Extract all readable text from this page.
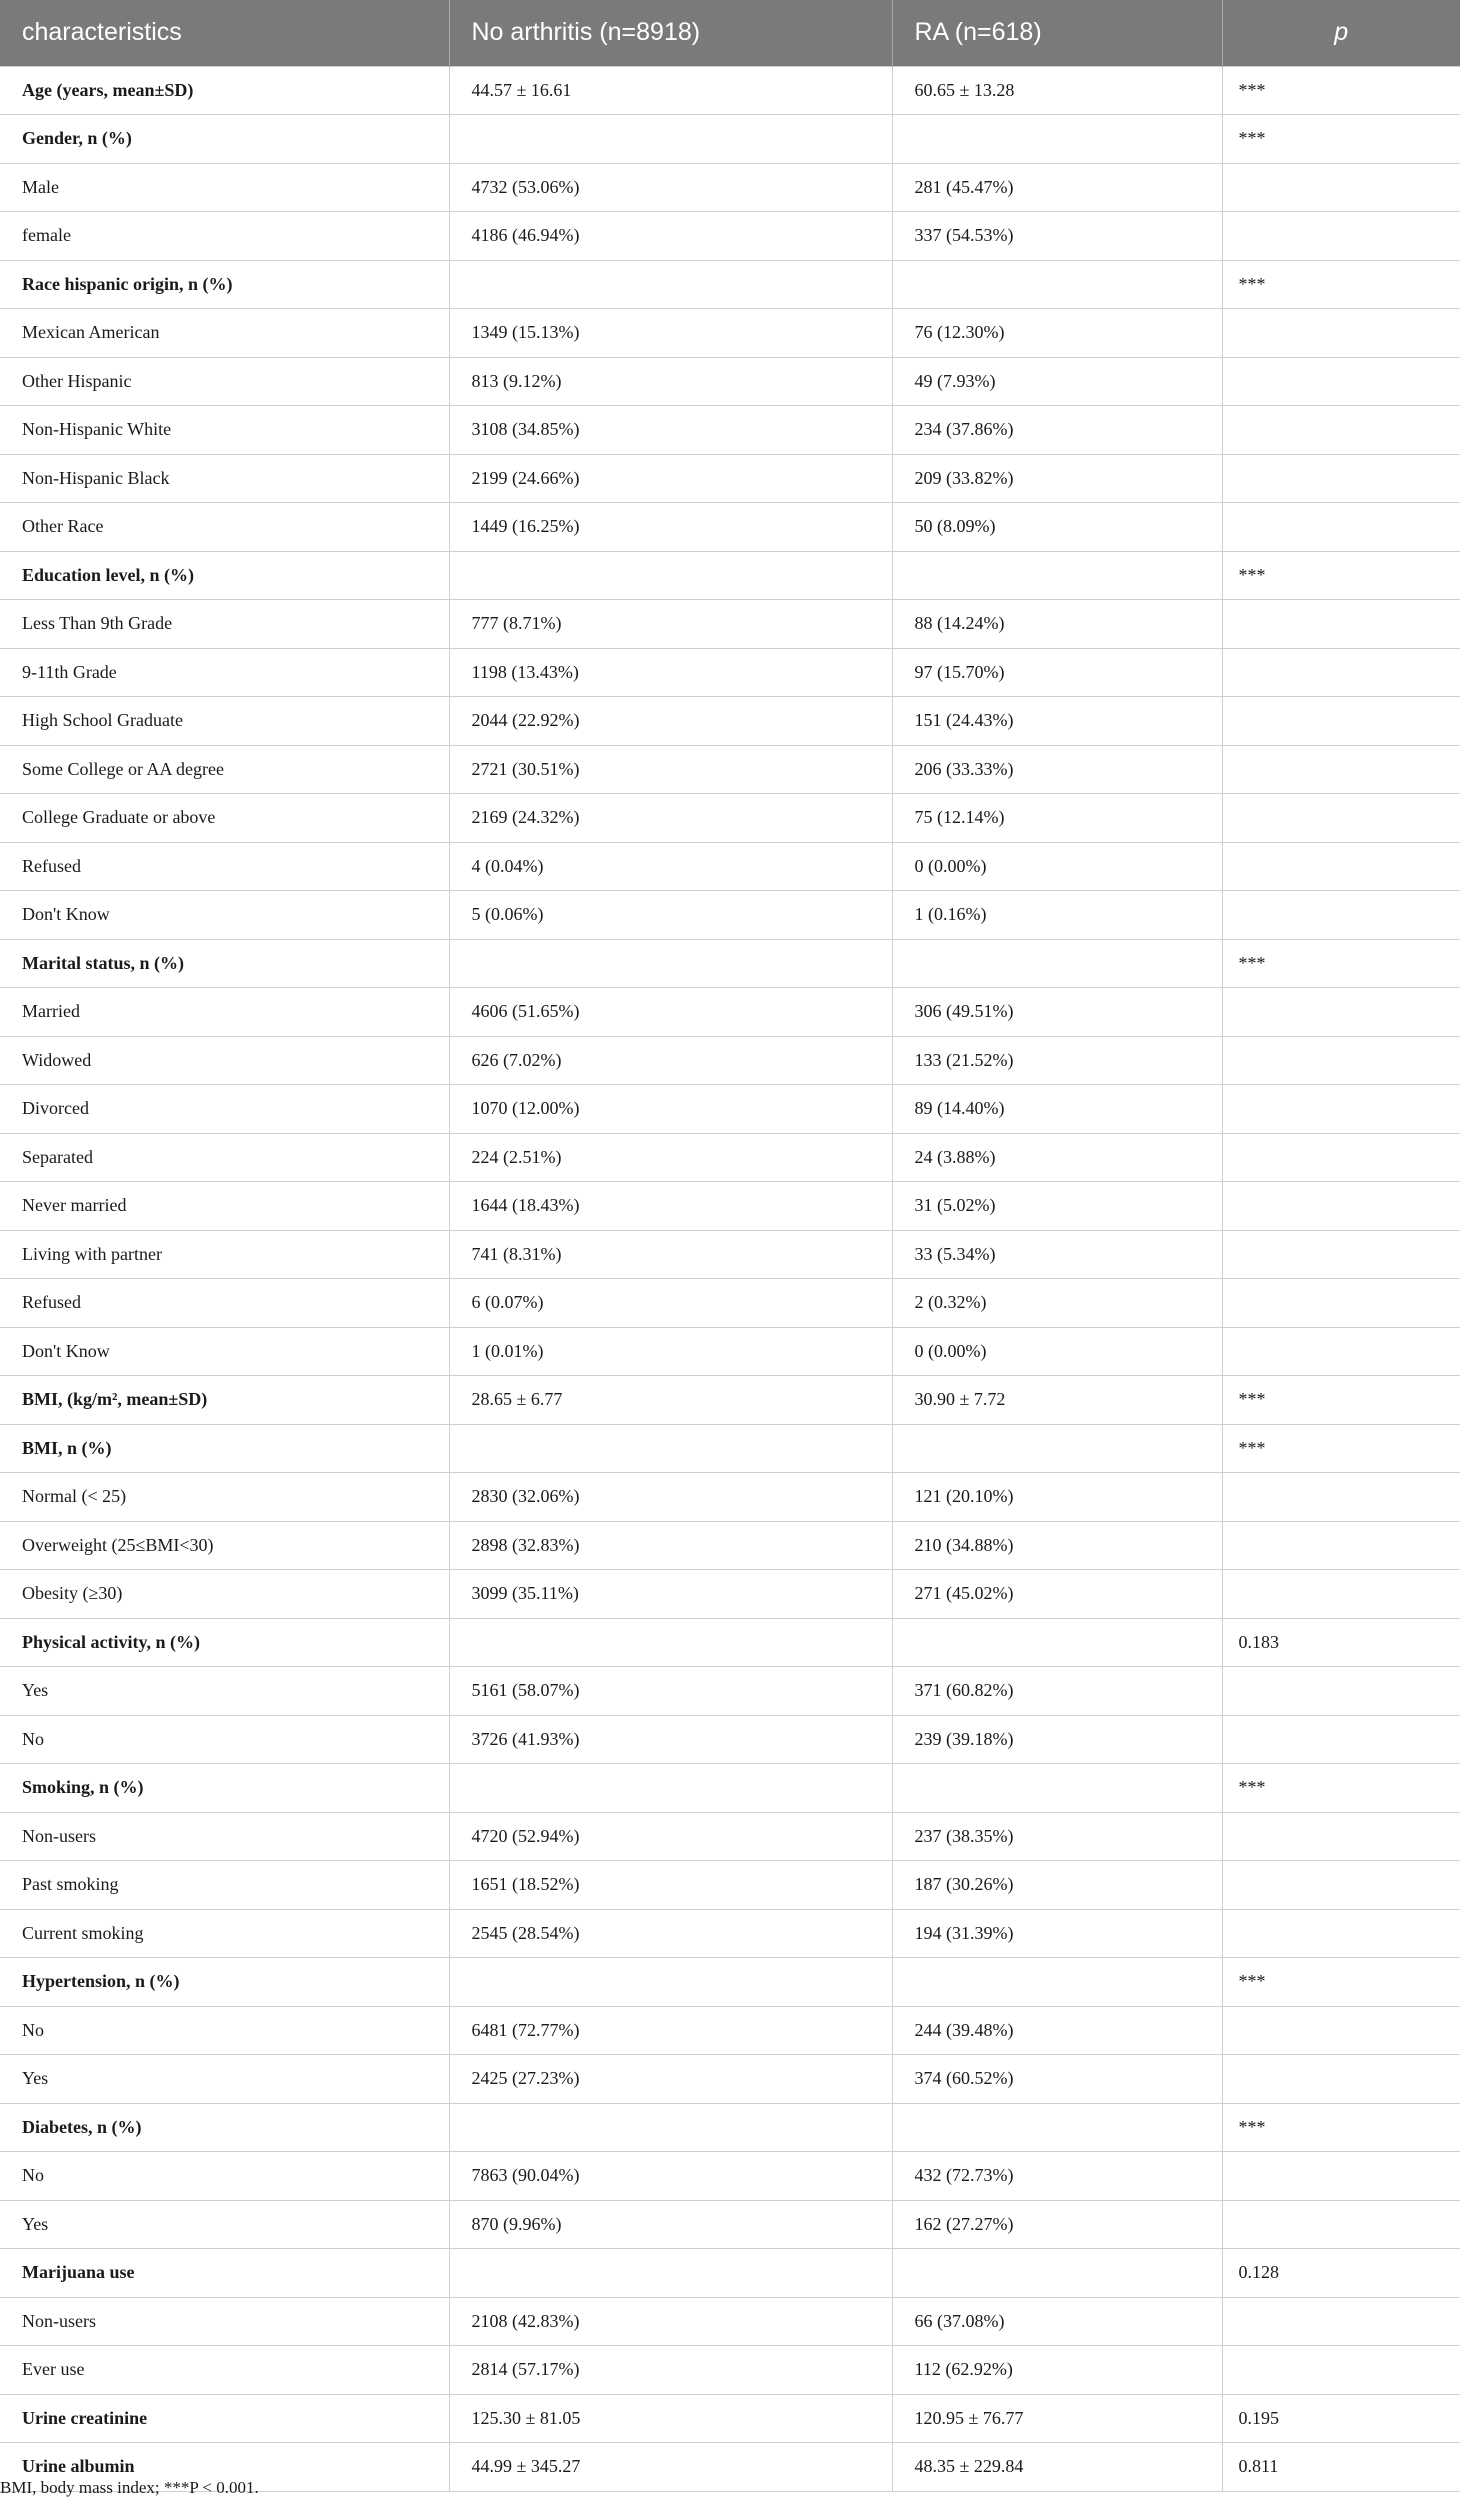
characteristics	No arthritis (n=8918)	RA (n=618)	p
Age (years, mean±SD)	44.57 ± 16.61	60.65 ± 13.28	***
Gender, n (%)			***
Male	4732 (53.06%)	281 (45.47%)	
female	4186 (46.94%)	337 (54.53%)	
Race hispanic origin, n (%)			***
Mexican American	1349 (15.13%)	76 (12.30%)	
Other Hispanic	813 (9.12%)	49 (7.93%)	
Non-Hispanic White	3108 (34.85%)	234 (37.86%)	
Non-Hispanic Black	2199 (24.66%)	209 (33.82%)	
Other Race	1449 (16.25%)	50 (8.09%)	
Education level, n (%)			***
Less Than 9th Grade	777 (8.71%)	88 (14.24%)	
9-11th Grade	1198 (13.43%)	97 (15.70%)	
High School Graduate	2044 (22.92%)	151 (24.43%)	
Some College or AA degree	2721 (30.51%)	206 (33.33%)	
College Graduate or above	2169 (24.32%)	75 (12.14%)	
Refused	4 (0.04%)	0 (0.00%)	
Don't Know	5 (0.06%)	1 (0.16%)	
Marital status, n (%)			***
Married	4606 (51.65%)	306 (49.51%)	
Widowed	626 (7.02%)	133 (21.52%)	
Divorced	1070 (12.00%)	89 (14.40%)	
Separated	224 (2.51%)	24 (3.88%)	
Never married	1644 (18.43%)	31 (5.02%)	
Living with partner	741 (8.31%)	33 (5.34%)	
Refused	6 (0.07%)	2 (0.32%)	
Don't Know	1 (0.01%)	0 (0.00%)	
BMI, (kg/m², mean±SD)	28.65 ± 6.77	30.90 ± 7.72	***
BMI, n (%)			***
Normal (< 25)	2830 (32.06%)	121 (20.10%)	
Overweight (25≤BMI<30)	2898 (32.83%)	210 (34.88%)	
Obesity (≥30)	3099 (35.11%)	271 (45.02%)	
Physical activity, n (%)			0.183
Yes	5161 (58.07%)	371 (60.82%)	
No	3726 (41.93%)	239 (39.18%)	
Smoking, n (%)			***
Non-users	4720 (52.94%)	237 (38.35%)	
Past smoking	1651 (18.52%)	187 (30.26%)	
Current smoking	2545 (28.54%)	194 (31.39%)	
Hypertension, n (%)			***
No	6481 (72.77%)	244 (39.48%)	
Yes	2425 (27.23%)	374 (60.52%)	
Diabetes, n (%)			***
No	7863 (90.04%)	432 (72.73%)	
Yes	870 (9.96%)	162 (27.27%)	
Marijuana use			0.128
Non-users	2108 (42.83%)	66 (37.08%)	
Ever use	2814 (57.17%)	112 (62.92%)	
Urine creatinine	125.30 ± 81.05	120.95 ± 76.77	0.195
Urine albumin	44.99 ± 345.27	48.35 ± 229.84	0.811
BMI, body mass index; ***P < 0.001.
